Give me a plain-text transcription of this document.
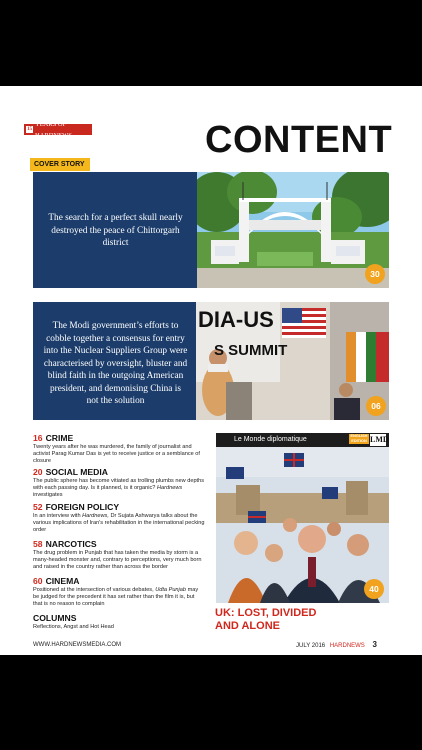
15
YEARS OF HARDNEWS	CONTENT
COVER STORY
The search for a perfect skull nearly destroyed the peace of Chittorgarh district
30
The Modi government’s efforts to cobble together a consensus for entry into the Nuclear Suppliers Group were characterised by oversight, bluster and blind faith in the outgoing American president, and demonising China is not the solution
DIA-US
S SUMMIT
06
16 CRIME
Twenty years after he was murdered, the family of journalist and activist Parag Kumar Das is yet to receive justice or a semblance of closure
20 SOCIAL MEDIA
The public sphere has become vitiated as trolling plumbs new depths with each passing day. Is it planned, is it organic? Hardnews investigates
52 FOREIGN POLICY
In an interview with Hardnews, Dr Sujata Ashwarya talks about the various implications of Iran's rehabilitation in the international pecking order
58 NARCOTICS
The drug problem in Punjab that has taken the media by storm is a many-headed monster and, contrary to perceptions, very much born and raised in the country rather than across the border
60 CINEMA
Positioned at the intersection of various debates, Udta Punjab may be judged for the precedent it has set rather than the film it is, but that is no reason to complain
COLUMNS
Reflections, Angst and Hot Head
Le Monde diplomatique	ENGLISH EDITION LMD
40
UK: LOST, DIVIDED
AND ALONE
WWW.HARDNEWSMEDIA.COM	JULY 2016 HARDNEWS 3
